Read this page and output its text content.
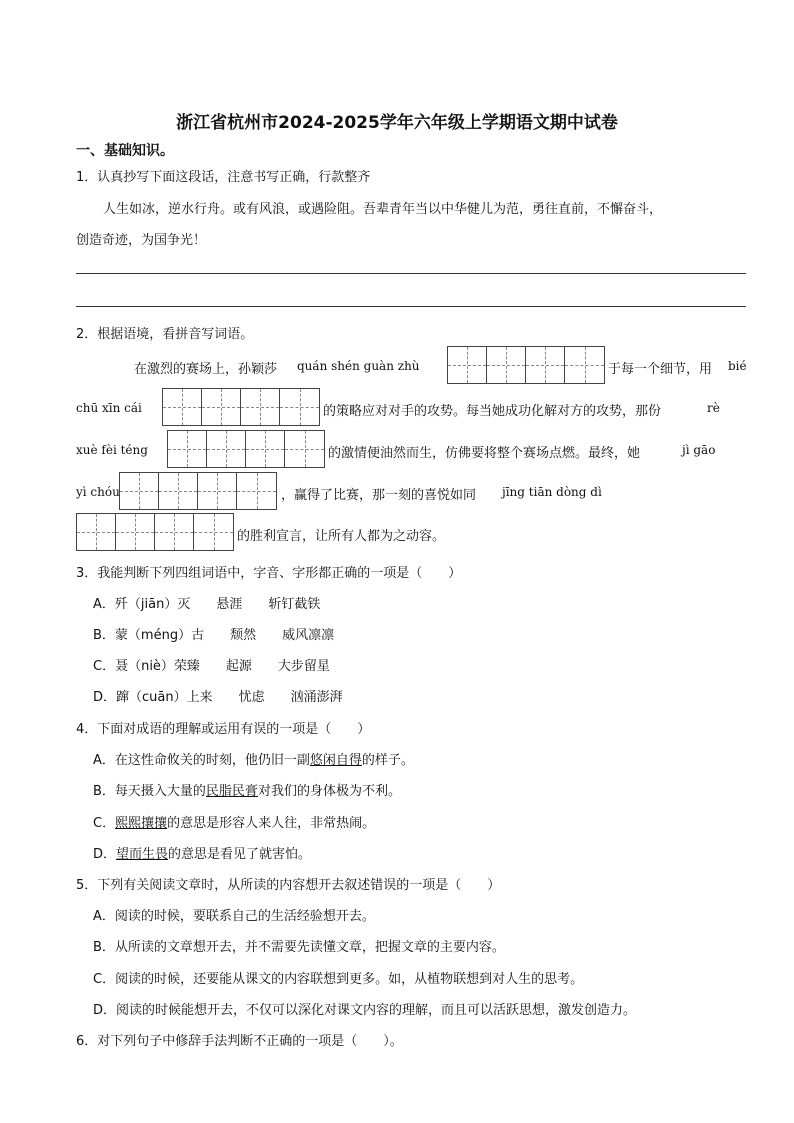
浙江省杭州市2024-2025学年六年级上学期语文期中试卷
一、基础知识。
1．认真抄写下面这段话，注意书写正确，行款整齐
人生如冰，逆水行舟。或有风浪，或遇险阻。吾辈青年当以中华健儿为范，勇往直前，不懈奋斗，
创造奇迹，为国争光！
2．根据语境，看拼音写词语。
在激烈的赛场上，孙颖莎 quán shén guàn zhù	于每一个细节，用 bié
chū xīn cái	的策略应对对手的攻势。每当她成功化解对方的攻势，那份	rè
xuè fèi téng	的激情便油然而生，仿佛要将整个赛场点燃。最终，她	jì gāo
yì chóu	，赢得了比赛，那一刻的喜悦如同 jīng tiān dòng dì
的胜利宣言，让所有人都为之动容。
3．我能判断下列四组词语中，字音、字形都正确的一项是（　　）
A．歼（jiān）灭　　悬涯　　斩钉截铁
B．蒙（méng）古　　颓然　　威风凛凛
C．聂（niè）荣臻　　起源　　大步留星
D．蹿（cuān）上来　　忧虑　　汹涌澎湃
4．下面对成语的理解或运用有误的一项是（　　）
A．在这性命攸关的时刻，他仍旧一副悠闲自得的样子。
B．每天摄入大量的民脂民膏对我们的身体极为不利。
C．熙熙攘攘的意思是形容人来人往，非常热闹。
D．望而生畏的意思是看见了就害怕。
5．下列有关阅读文章时，从所读的内容想开去叙述错误的一项是（　　）
A．阅读的时候，要联系自己的生活经验想开去。
B．从所读的文章想开去，并不需要先读懂文章，把握文章的主要内容。
C．阅读的时候，还要能从课文的内容联想到更多。如，从植物联想到对人生的思考。
D．阅读的时候能想开去，不仅可以深化对课文内容的理解，而且可以活跃思想，激发创造力。
6．对下列句子中修辞手法判断不正确的一项是（　　）。
